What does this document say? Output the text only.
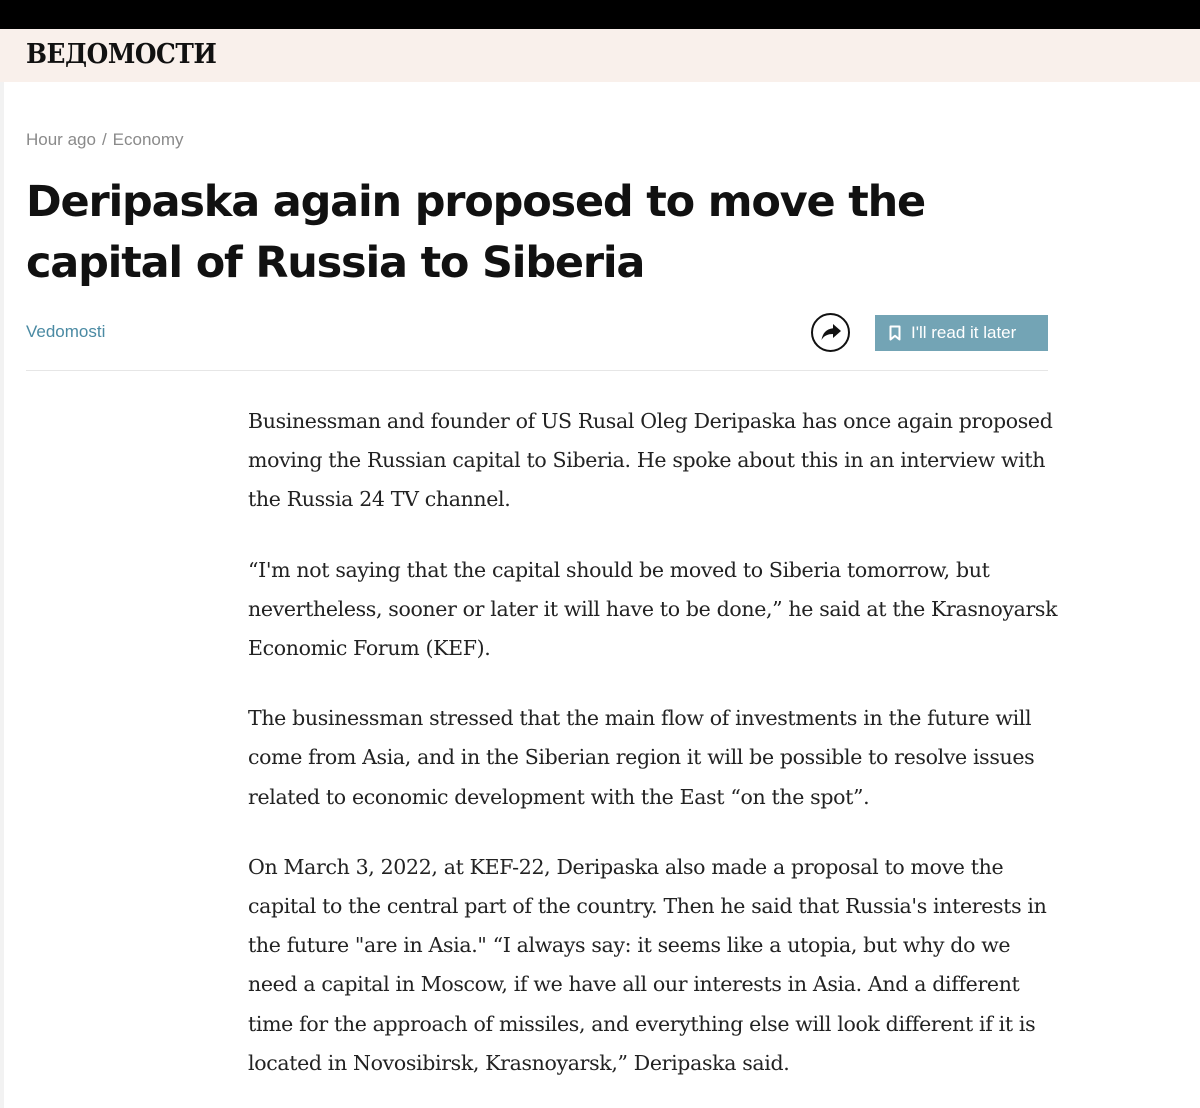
ВЕДОМОСТИ
Hour ago / Economy
Deripaska again proposed to move the capital of Russia to Siberia
Vedomosti	I'll read it later

Businessman and founder of US Rusal Oleg Deripaska has once again proposed moving the Russian capital to Siberia. He spoke about this in an interview with the Russia 24 TV channel.

“I'm not saying that the capital should be moved to Siberia tomorrow, but nevertheless, sooner or later it will have to be done,” he said at the Krasnoyarsk Economic Forum (KEF).

The businessman stressed that the main flow of investments in the future will come from Asia, and in the Siberian region it will be possible to resolve issues related to economic development with the East “on the spot”.

On March 3, 2022, at KEF-22, Deripaska also made a proposal to move the capital to the central part of the country. Then he said that Russia's interests in the future "are in Asia." “I always say: it seems like a utopia, but why do we need a capital in Moscow, if we have all our interests in Asia. And a different time for the approach of missiles, and everything else will look different if it is located in Novosibirsk, Krasnoyarsk,” Deripaska said.
